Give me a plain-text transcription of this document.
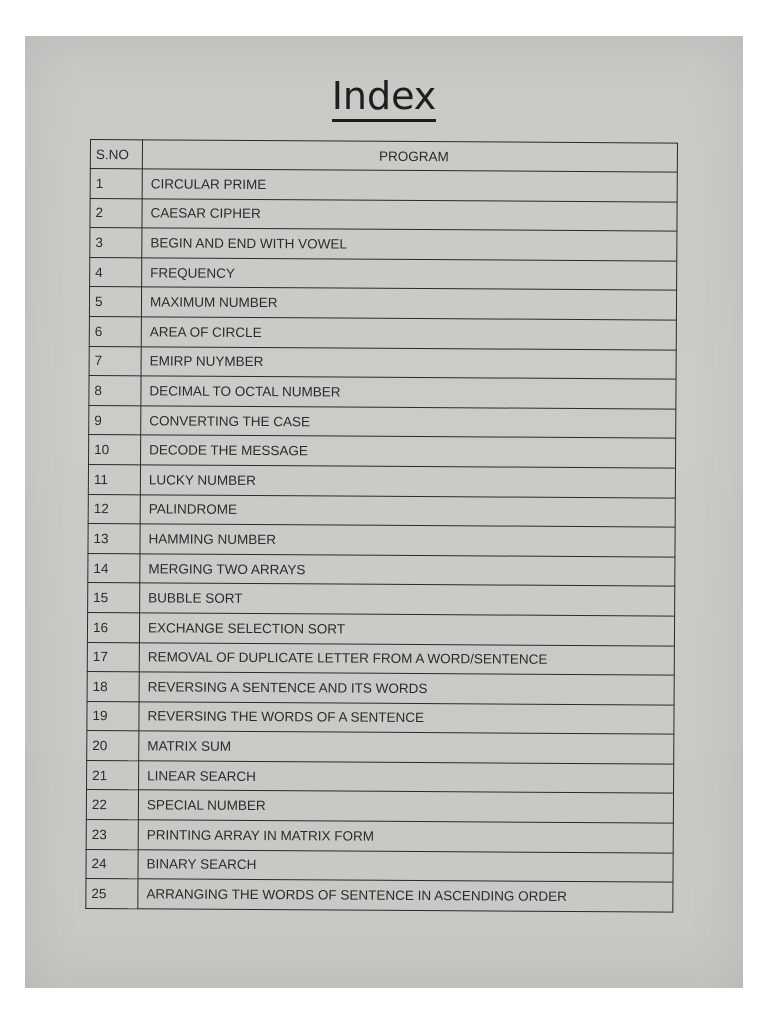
Index
S.NO	PROGRAM
1	CIRCULAR PRIME
2	CAESAR CIPHER
3	BEGIN AND END WITH VOWEL
4	FREQUENCY
5	MAXIMUM NUMBER
6	AREA OF CIRCLE
7	EMIRP NUYMBER
8	DECIMAL TO OCTAL NUMBER
9	CONVERTING THE CASE
10	DECODE THE MESSAGE
11	LUCKY NUMBER
12	PALINDROME
13	HAMMING NUMBER
14	MERGING TWO ARRAYS
15	BUBBLE SORT
16	EXCHANGE SELECTION SORT
17	REMOVAL OF DUPLICATE LETTER FROM A WORD/SENTENCE
18	REVERSING A SENTENCE AND ITS WORDS
19	REVERSING THE WORDS OF A SENTENCE
20	MATRIX SUM
21	LINEAR SEARCH
22	SPECIAL NUMBER
23	PRINTING ARRAY IN MATRIX FORM
24	BINARY SEARCH
25	ARRANGING THE WORDS OF SENTENCE IN ASCENDING ORDER
